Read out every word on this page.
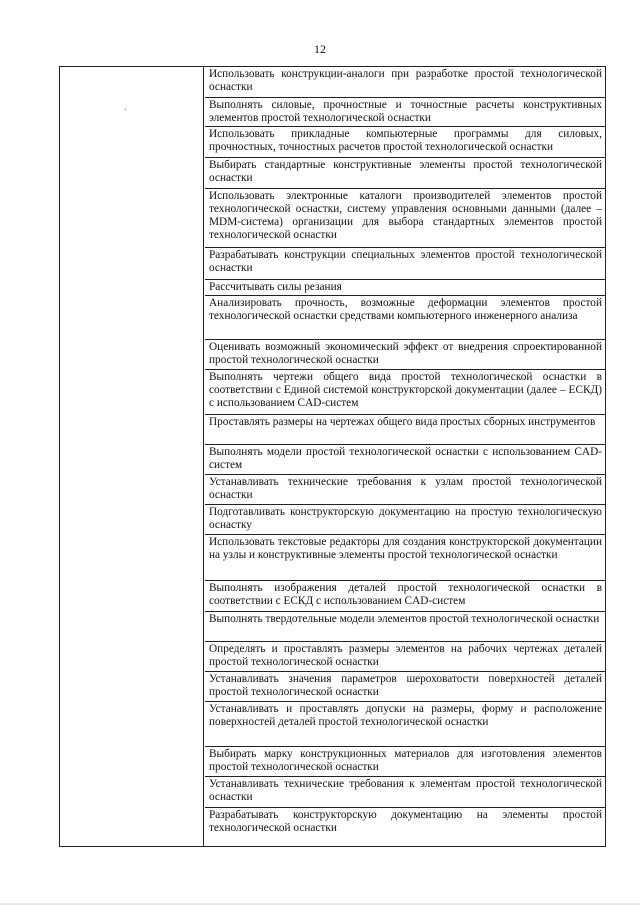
12
Использовать конструкции-аналоги при разработке простой технологической оснастки
Выполнять силовые, прочностные и точностные расчеты конструктивных элементов простой технологической оснастки
Использовать прикладные компьютерные программы для силовых, прочностных, точностных расчетов простой технологической оснастки
Выбирать стандартные конструктивные элементы простой технологической оснастки
Использовать электронные каталоги производителей элементов простой технологической оснастки, систему управления основными данными (далее – MDM-система) организации для выбора стандартных элементов простой технологической оснастки
Разрабатывать конструкции специальных элементов простой технологической оснастки
Рассчитывать силы резания
Анализировать прочность, возможные деформации элементов простой технологической оснастки средствами компьютерного инженерного анализа
Оценивать возможный экономический эффект от внедрения спроектированной простой технологической оснастки
Выполнять чертежи общего вида простой технологической оснастки в соответствии с Единой системой конструкторской документации (далее – ЕСКД) с использованием CAD-систем
Проставлять размеры на чертежах общего вида простых сборных инструментов
Выполнять модели простой технологической оснастки с использованием CAD-систем
Устанавливать технические требования к узлам простой технологической оснастки
Подготавливать конструкторскую документацию на простую технологическую оснастку
Использовать текстовые редакторы для создания конструкторской документации на узлы и конструктивные элементы простой технологической оснастки
Выполнять изображения деталей простой технологической оснастки в соответствии с ЕСКД с использованием CAD-систем
Выполнять твердотельные модели элементов простой технологической оснастки
Определять и проставлять размеры элементов на рабочих чертежах деталей простой технологической оснастки
Устанавливать значения параметров шероховатости поверхностей деталей простой технологической оснастки
Устанавливать и проставлять допуски на размеры, форму и расположение поверхностей деталей простой технологической оснастки
Выбирать марку конструкционных материалов для изготовления элементов простой технологической оснастки
Устанавливать технические требования к элементам простой технологической оснастки
Разрабатывать конструкторскую документацию на элементы простой технологической оснастки
